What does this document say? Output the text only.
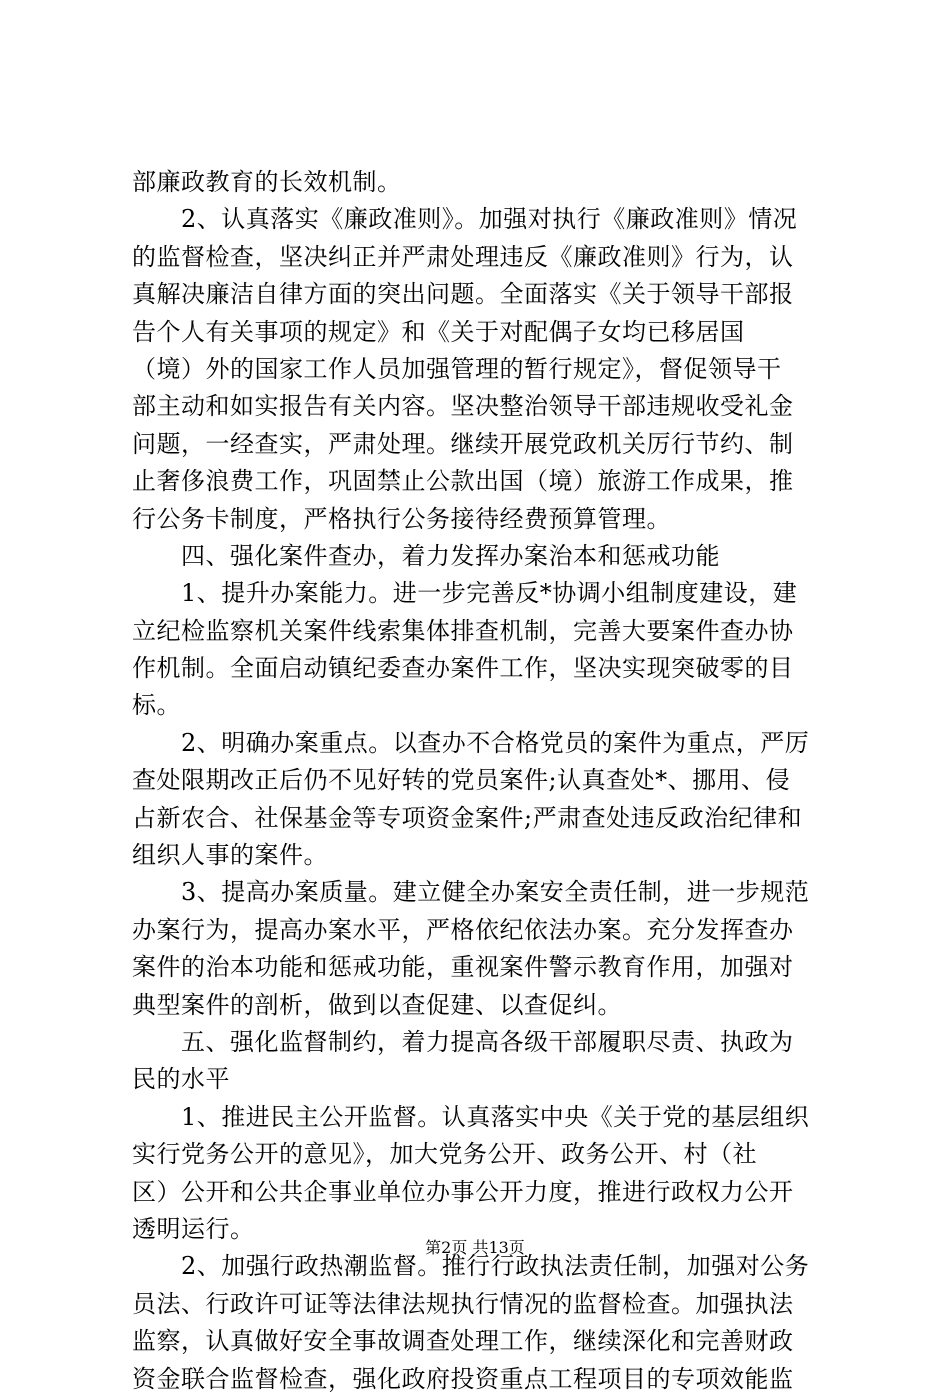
部廉政教育的长效机制。
　　2、认真落实《廉政准则》。加强对执行《廉政准则》情况
的监督检查，坚决纠正并严肃处理违反《廉政准则》行为，认
真解决廉洁自律方面的突出问题。全面落实《关于领导干部报
告个人有关事项的规定》和《关于对配偶子女均已移居国
（境）外的国家工作人员加强管理的暂行规定》，督促领导干
部主动和如实报告有关内容。坚决整治领导干部违规收受礼金
问题，一经查实，严肃处理。继续开展党政机关厉行节约、制
止奢侈浪费工作，巩固禁止公款出国（境）旅游工作成果，推
行公务卡制度，严格执行公务接待经费预算管理。
　　四、强化案件查办，着力发挥办案治本和惩戒功能
　　1、提升办案能力。进一步完善反*协调小组制度建设，建
立纪检监察机关案件线索集体排查机制，完善大要案件查办协
作机制。全面启动镇纪委查办案件工作，坚决实现突破零的目
标。
　　2、明确办案重点。以查办不合格党员的案件为重点，严厉
查处限期改正后仍不见好转的党员案件;认真查处*、挪用、侵
占新农合、社保基金等专项资金案件;严肃查处违反政治纪律和
组织人事的案件。
　　3、提高办案质量。建立健全办案安全责任制，进一步规范
办案行为，提高办案水平，严格依纪依法办案。充分发挥查办
案件的治本功能和惩戒功能，重视案件警示教育作用，加强对
典型案件的剖析，做到以查促建、以查促纠。
　　五、强化监督制约，着力提高各级干部履职尽责、执政为
民的水平
　　1、推进民主公开监督。认真落实中央《关于党的基层组织
实行党务公开的意见》，加大党务公开、政务公开、村（社
区）公开和公共企事业单位办事公开力度，推进行政权力公开
透明运行。
　　2、加强行政热潮监督。推行行政执法责任制，加强对公务
员法、行政许可证等法律法规执行情况的监督检查。加强执法
监察，认真做好安全事故调查处理工作，继续深化和完善财政
资金联合监督检查，强化政府投资重点工程项目的专项效能监
第2页 共13页
